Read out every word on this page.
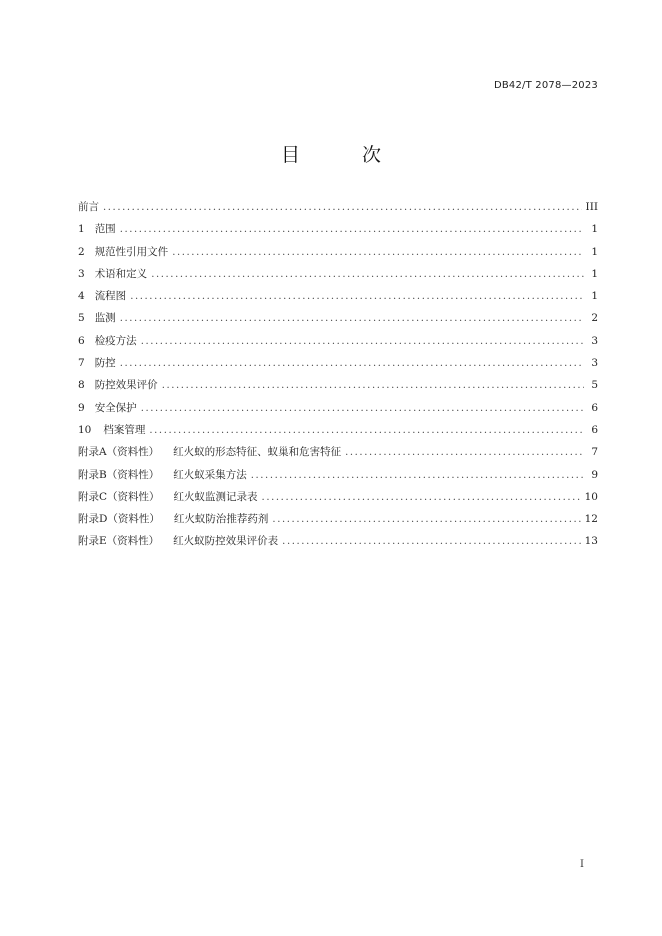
DB42/T 2078—2023
目 次
前言 .....	III
1 范围 .....	1
2 规范性引用文件 .....	1
3 术语和定义 .....	1
4 流程图 .....	1
5 监测 .....	2
6 检疫方法 .....	3
7 防控 .....	3
8 防控效果评价 .....	5
9 安全保护 .....	6
10 档案管理 .....	6
附录A（资料性） 红火蚁的形态特征、蚁巢和危害特征 .....	7
附录B（资料性） 红火蚁采集方法 .....	9
附录C（资料性） 红火蚁监测记录表 .....	10
附录D（资料性） 红火蚁防治推荐药剂 .....	12
附录E（资料性） 红火蚁防控效果评价表 .....	13
I
